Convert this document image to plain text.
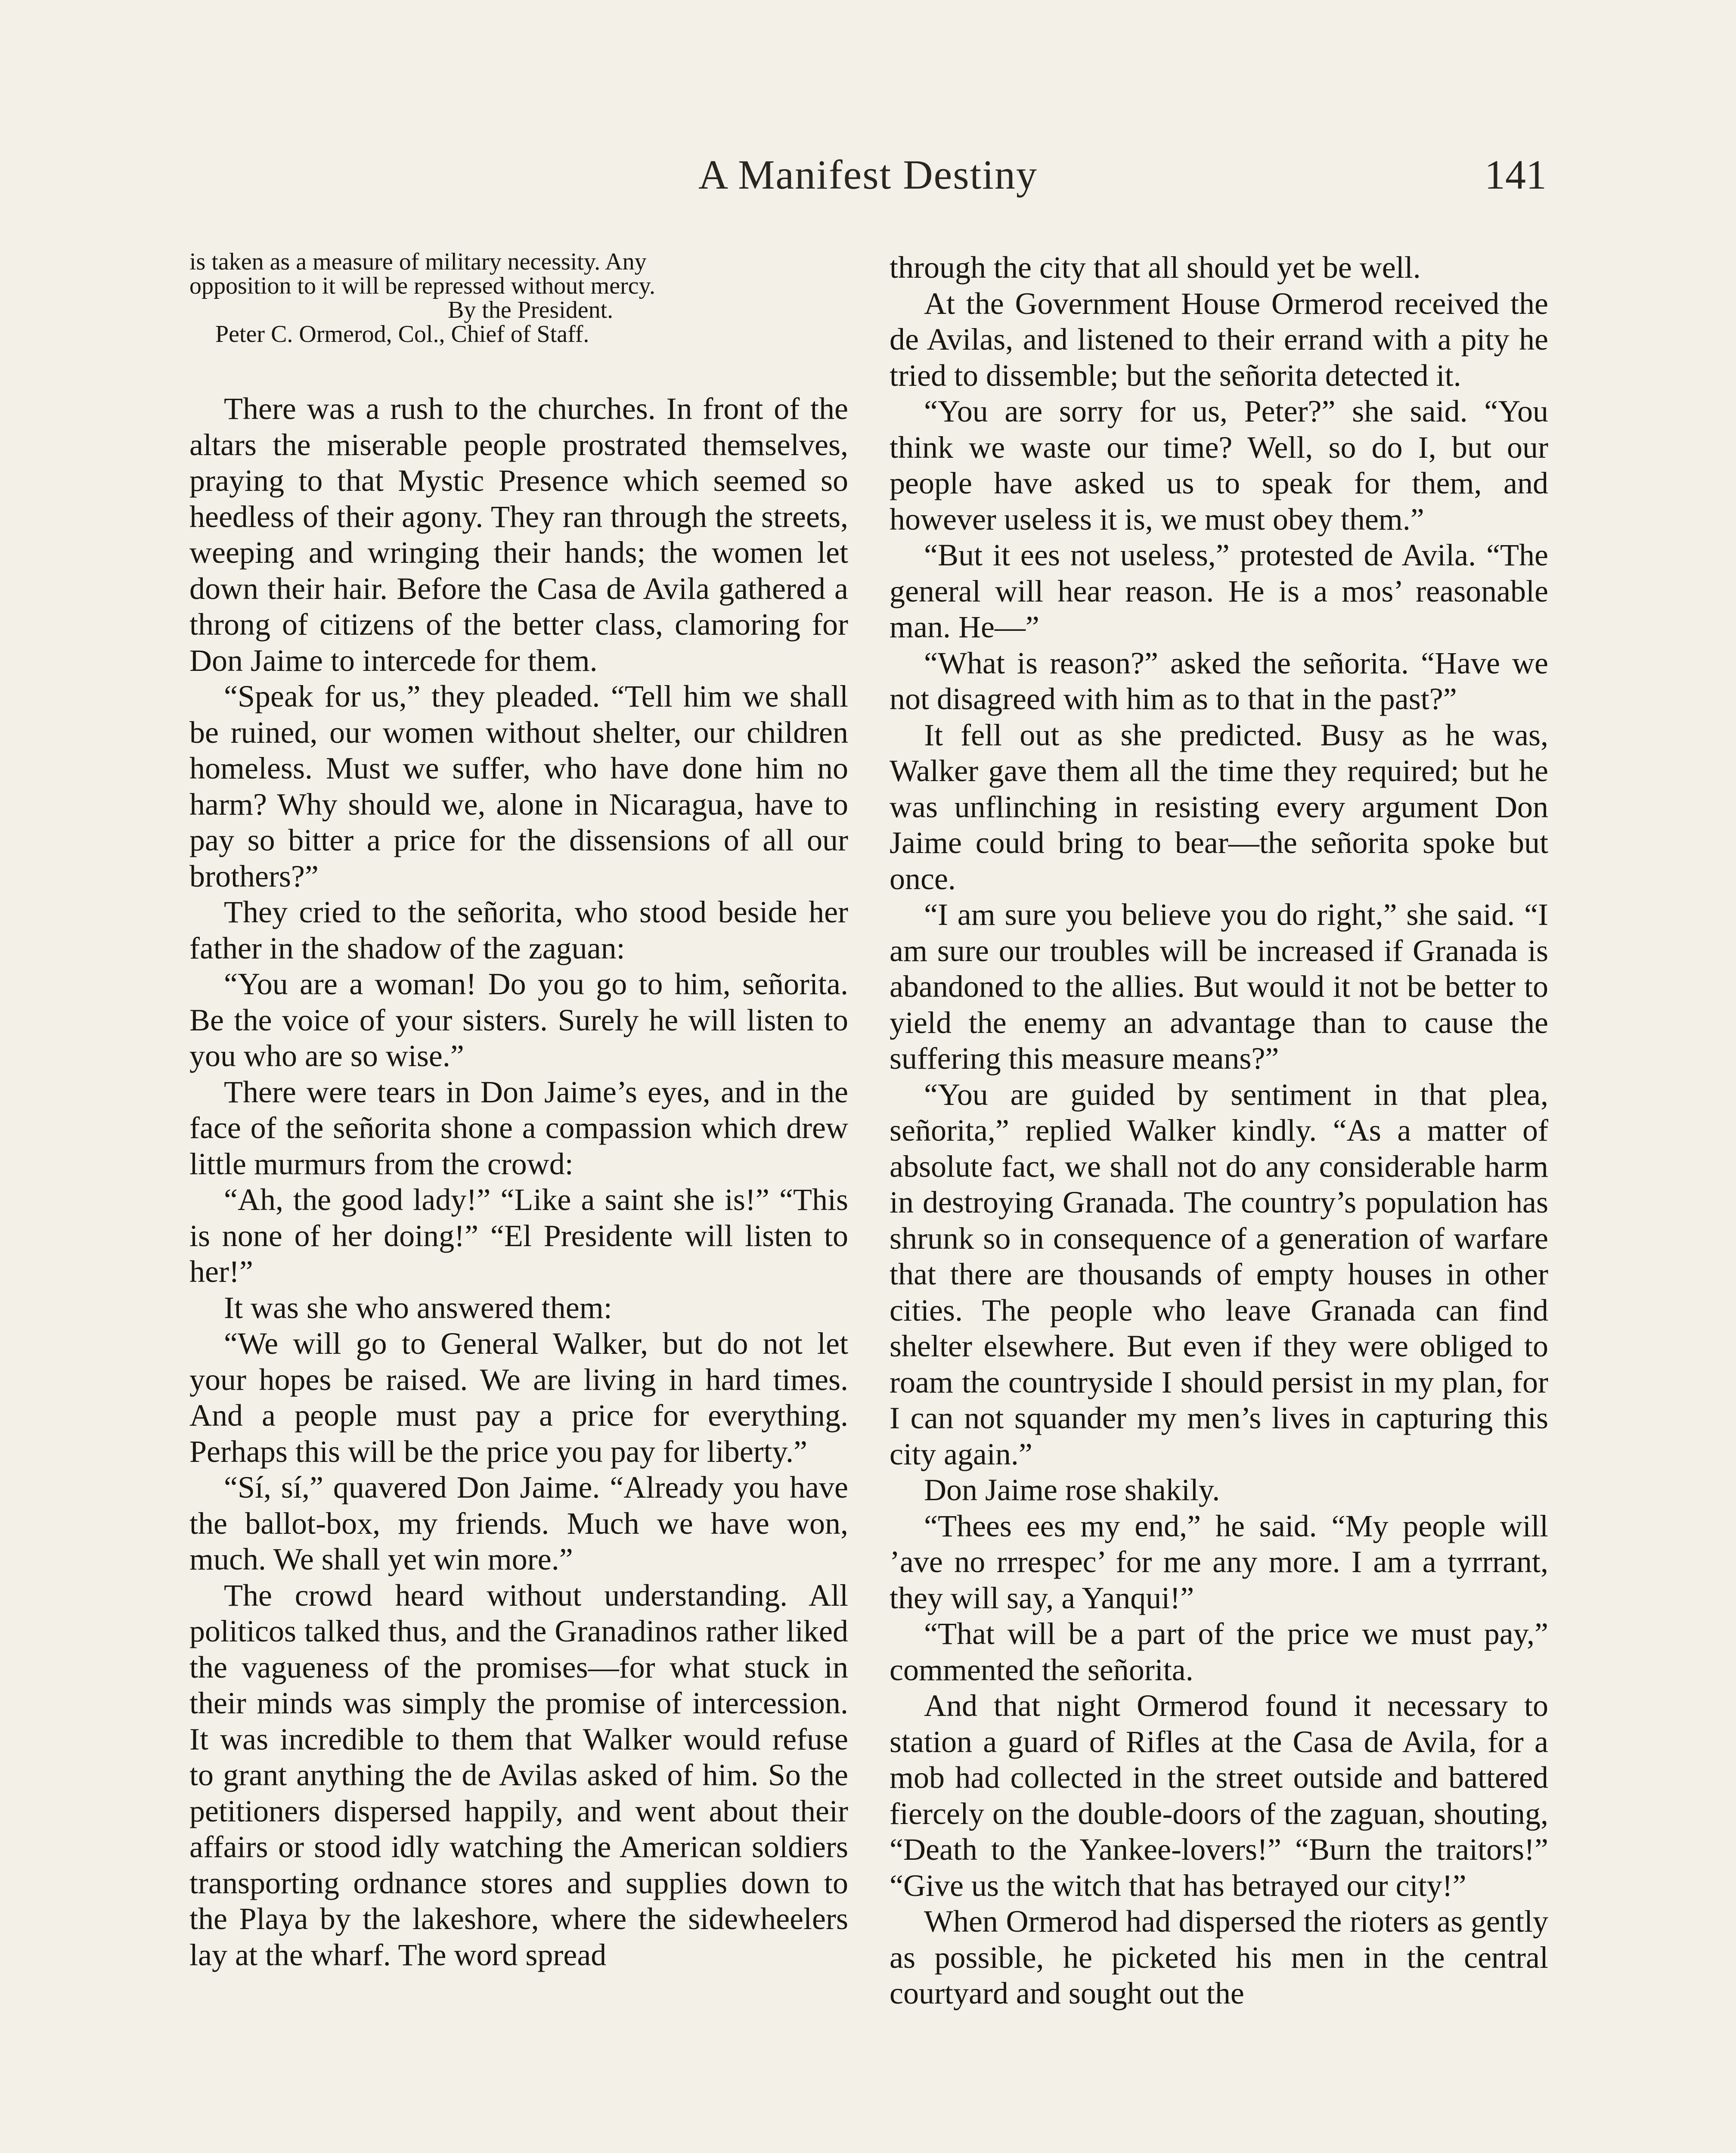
A Manifest Destiny	141

is taken as a measure of military necessity. Any

opposition to it will be repressed without mercy.

By the President.

Peter C. Ormerod, Col., Chief of Staff.

There was a rush to the churches. In front of the altars the miserable people prostrated themselves, praying to that Mystic Presence which seemed so heedless of their agony. They ran through the streets, weeping and wringing their hands; the women let down their hair. Before the Casa de Avila gathered a throng of citizens of the better class, clamoring for Don Jaime to intercede for them.

“Speak for us,” they pleaded. “Tell him we shall be ruined, our women without shelter, our children homeless. Must we suffer, who have done him no harm? Why should we, alone in Nicaragua, have to pay so bitter a price for the dissensions of all our brothers?”

They cried to the señorita, who stood beside her father in the shadow of the zaguan:

“You are a woman! Do you go to him, señorita. Be the voice of your sisters. Surely he will listen to you who are so wise.”

There were tears in Don Jaime’s eyes, and in the face of the señorita shone a compassion which drew little murmurs from the crowd:

“Ah, the good lady!” “Like a saint she is!” “This is none of her doing!” “El Presidente will listen to her!”

It was she who answered them:

“We will go to General Walker, but do not let your hopes be raised. We are living in hard times. And a people must pay a price for everything. Perhaps this will be the price you pay for liberty.”

“Sí, sí,” quavered Don Jaime. “Already you have the ballot-box, my friends. Much we have won, much. We shall yet win more.”

The crowd heard without understanding. All politicos talked thus, and the Granadinos rather liked the vagueness of the promises—for what stuck in their minds was simply the promise of intercession. It was incredible to them that Walker would refuse to grant anything the de Avilas asked of him. So the petitioners dispersed happily, and went about their affairs or stood idly watching the American soldiers transporting ordnance stores and supplies down to the Playa by the lakeshore, where the sidewheelers lay at the wharf. The word spread

through the city that all should yet be well.

At the Government House Ormerod received the de Avilas, and listened to their errand with a pity he tried to dissemble; but the señorita detected it.

“You are sorry for us, Peter?” she said. “You think we waste our time? Well, so do I, but our people have asked us to speak for them, and however useless it is, we must obey them.”

“But it ees not useless,” protested de Avila. “The general will hear reason. He is a mos’ reasonable man. He—”

“What is reason?” asked the señorita. “Have we not disagreed with him as to that in the past?”

It fell out as she predicted. Busy as he was, Walker gave them all the time they required; but he was unflinching in resisting every argument Don Jaime could bring to bear—the señorita spoke but once.

“I am sure you believe you do right,” she said. “I am sure our troubles will be increased if Granada is abandoned to the allies. But would it not be better to yield the enemy an advantage than to cause the suffering this measure means?”

“You are guided by sentiment in that plea, señorita,” replied Walker kindly. “As a matter of absolute fact, we shall not do any considerable harm in destroying Granada. The country’s population has shrunk so in consequence of a generation of warfare that there are thousands of empty houses in other cities. The people who leave Granada can find shelter elsewhere. But even if they were obliged to roam the countryside I should persist in my plan, for I can not squander my men’s lives in capturing this city again.”

Don Jaime rose shakily.

“Thees ees my end,” he said. “My people will ’ave no rrrespec’ for me any more. I am a tyrrrant, they will say, a Yanqui!”

“That will be a part of the price we must pay,” commented the señorita.

And that night Ormerod found it necessary to station a guard of Rifles at the Casa de Avila, for a mob had collected in the street outside and battered fiercely on the double-doors of the zaguan, shouting, “Death to the Yankee-lovers!” “Burn the traitors!” “Give us the witch that has betrayed our city!”

When Ormerod had dispersed the rioters as gently as possible, he picketed his men in the central courtyard and sought out the
